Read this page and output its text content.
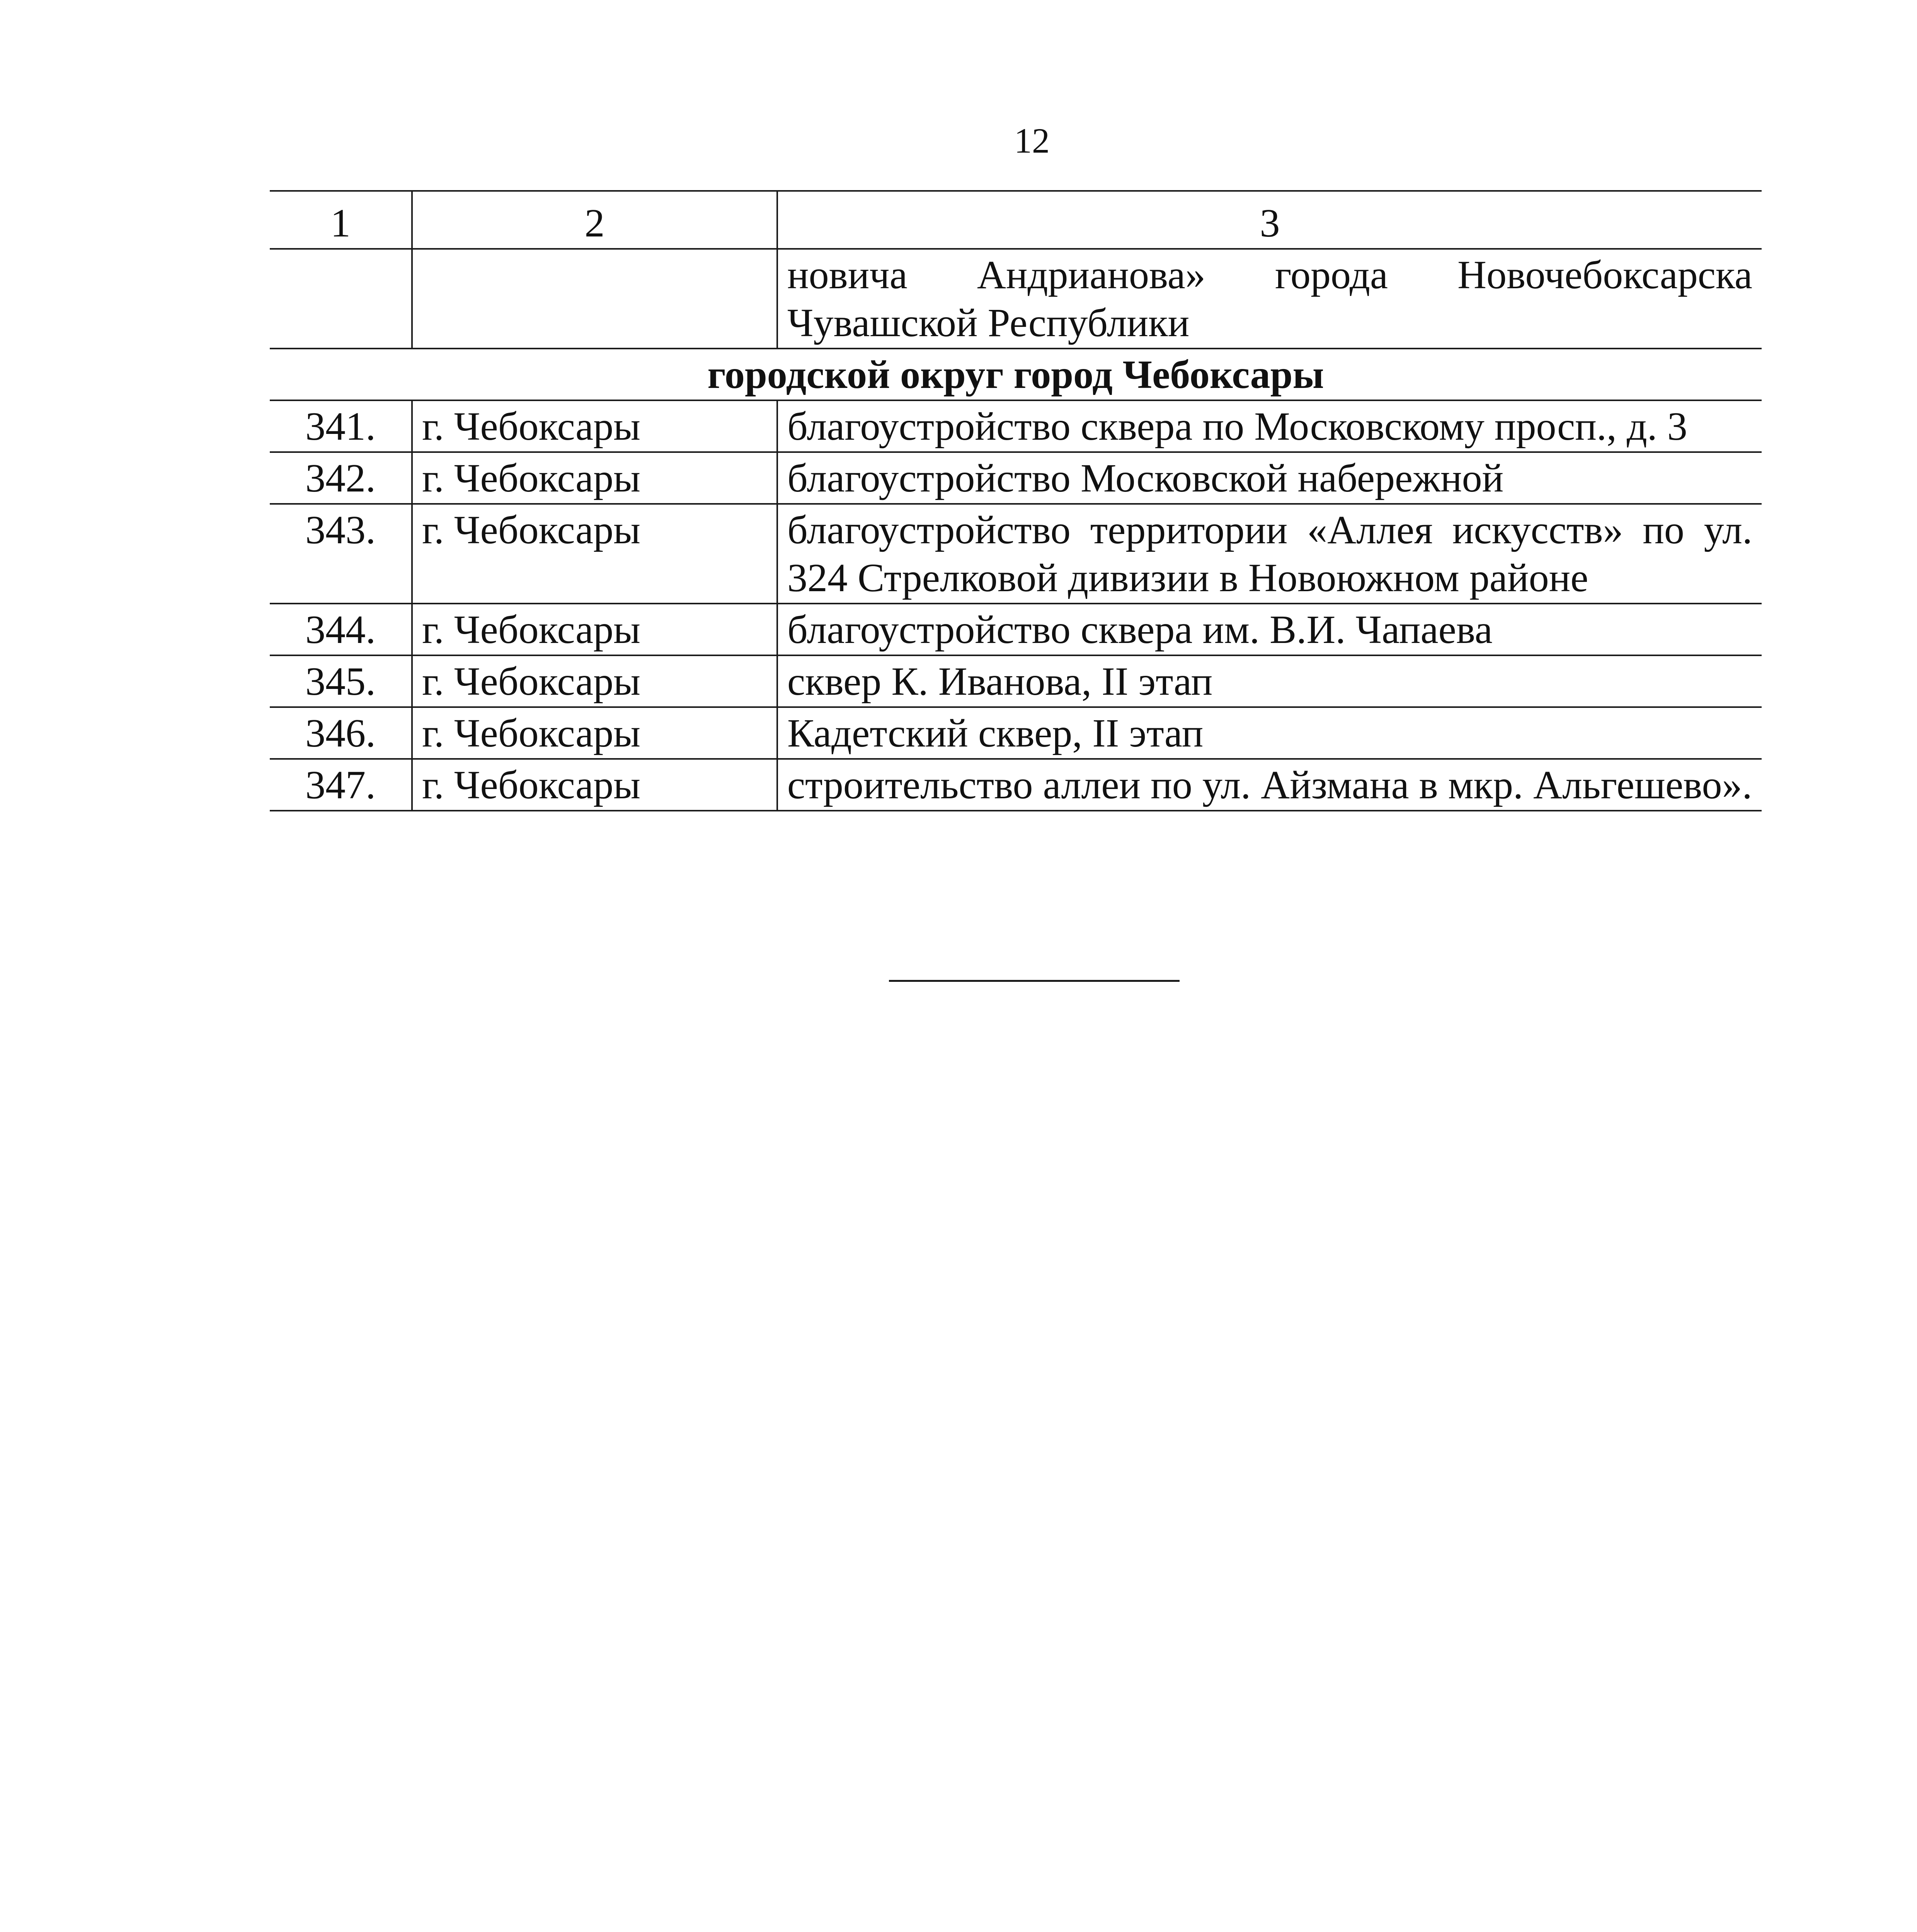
12
1	2	3
		новича Андрианова» города Новочебоксарска Чувашской Республики
городской округ город Чебоксары		
341.	г. Чебоксары	благоустройство сквера по Московскому просп., д. 3
342.	г. Чебоксары	благоустройство Московской набережной
343.	г. Чебоксары	благоустройство территории «Аллея искусств» по ул. 324 Стрелковой дивизии в Новоюжном районе
344.	г. Чебоксары	благоустройство сквера им. В.И. Чапаева
345.	г. Чебоксары	сквер К. Иванова, II этап
346.	г. Чебоксары	Кадетский сквер, II этап
347.	г. Чебоксары	строительство аллеи по ул. Айзмана в мкр. Альгешево».
